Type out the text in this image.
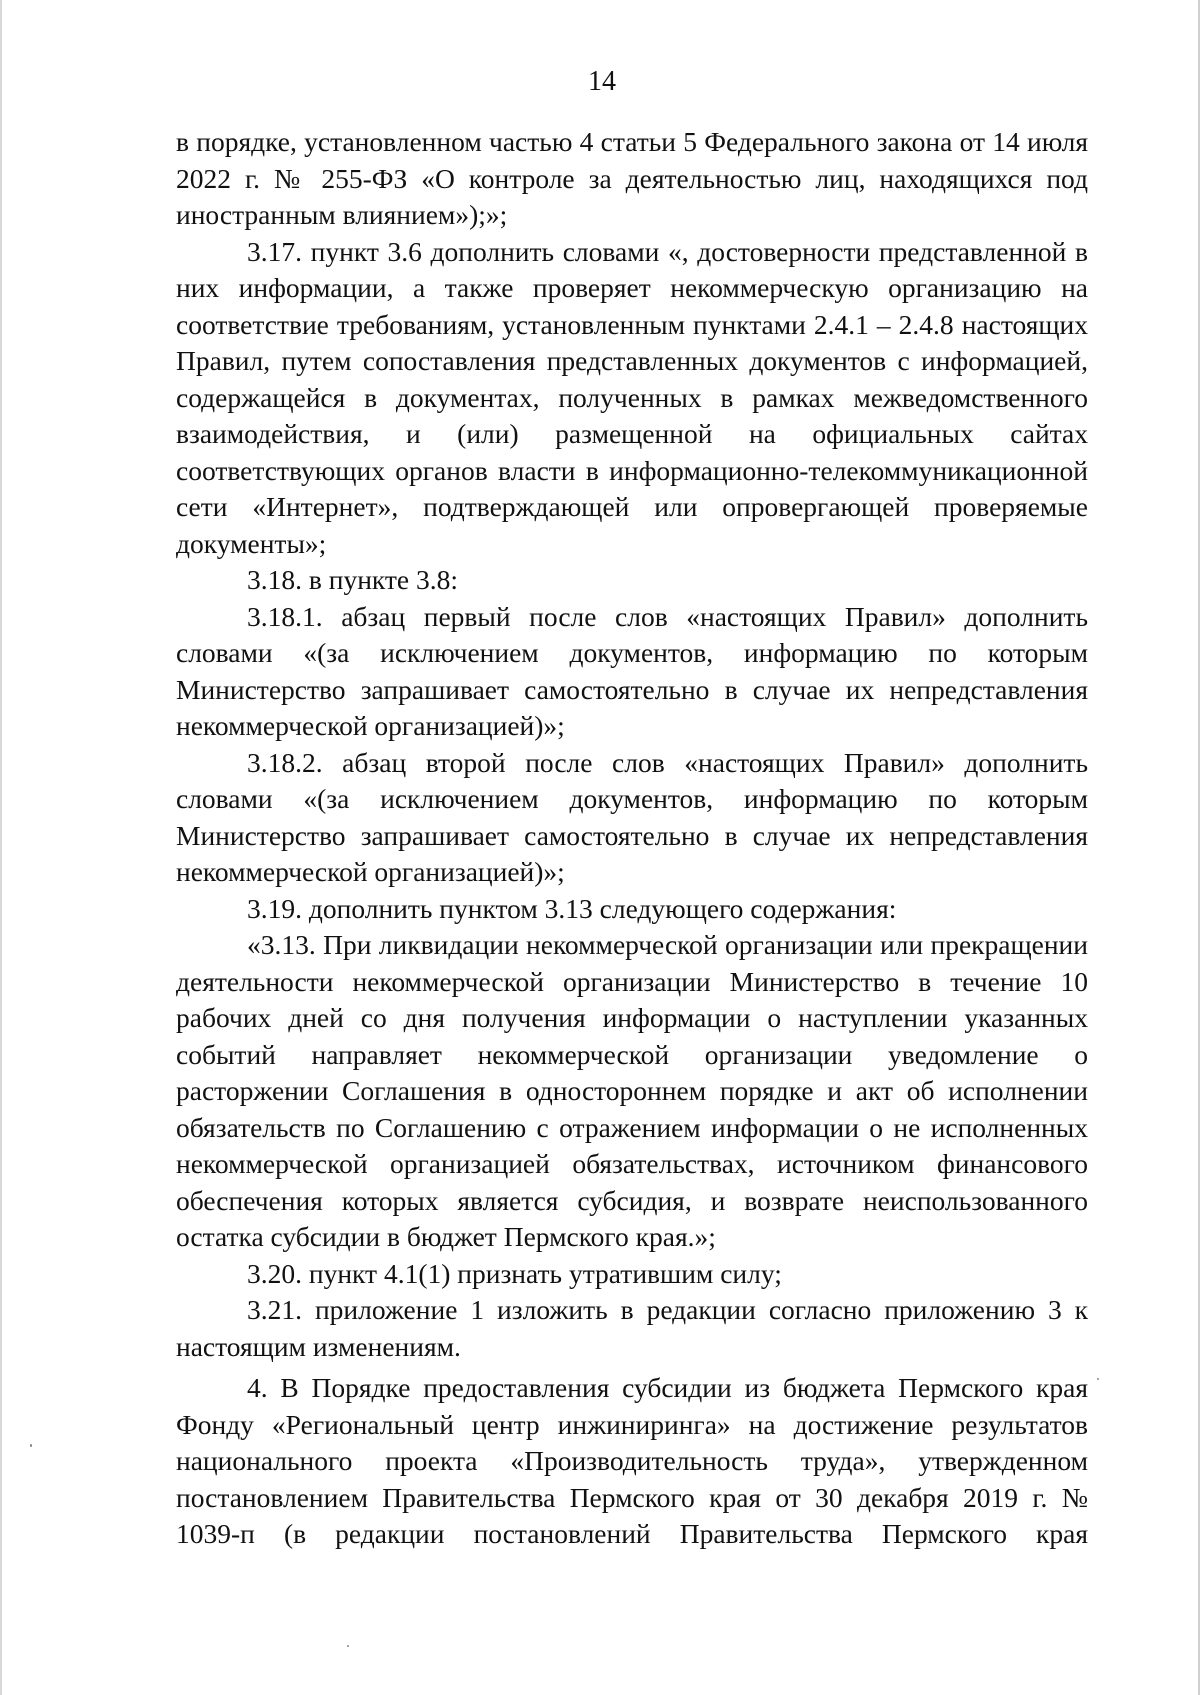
14

в порядке, установленном частью 4 статьи 5 Федерального закона от 14 июля 2022 г. № 255-ФЗ «О контроле за деятельностью лиц, находящихся под иностранным влиянием»);»;

3.17. пункт 3.6 дополнить словами «, достоверности представленной в них информации, а также проверяет некоммерческую организацию на соответствие требованиям, установленным пунктами 2.4.1 – 2.4.8 настоящих Правил, путем сопоставления представленных документов с информацией, содержащейся в документах, полученных в рамках межведомственного взаимодействия, и (или) размещенной на официальных сайтах соответствующих органов власти в информационно-телекоммуникационной сети «Интернет», подтверждающей или опровергающей проверяемые документы»;

3.18. в пункте 3.8:

3.18.1. абзац первый после слов «настоящих Правил» дополнить словами «(за исключением документов, информацию по которым Министерство запрашивает самостоятельно в случае их непредставления некоммерческой организацией)»;

3.18.2. абзац второй после слов «настоящих Правил» дополнить словами «(за исключением документов, информацию по которым Министерство запрашивает самостоятельно в случае их непредставления некоммерческой организацией)»;

3.19. дополнить пунктом 3.13 следующего содержания:

«3.13. При ликвидации некоммерческой организации или прекращении деятельности некоммерческой организации Министерство в течение 10 рабочих дней со дня получения информации о наступлении указанных событий направляет некоммерческой организации уведомление о расторжении Соглашения в одностороннем порядке и акт об исполнении обязательств по Соглашению с отражением информации о не исполненных некоммерческой организацией обязательствах, источником финансового обеспечения которых является субсидия, и возврате неиспользованного остатка субсидии в бюджет Пермского края.»;

3.20. пункт 4.1(1) признать утратившим силу;

3.21. приложение 1 изложить в редакции согласно приложению 3 к настоящим изменениям.

4. В Порядке предоставления субсидии из бюджета Пермского края Фонду «Региональный центр инжиниринга» на достижение результатов национального проекта «Производительность труда», утвержденном постановлением Правительства Пермского края от 30 декабря 2019 г. № 1039-п (в редакции постановлений Правительства Пермского края
